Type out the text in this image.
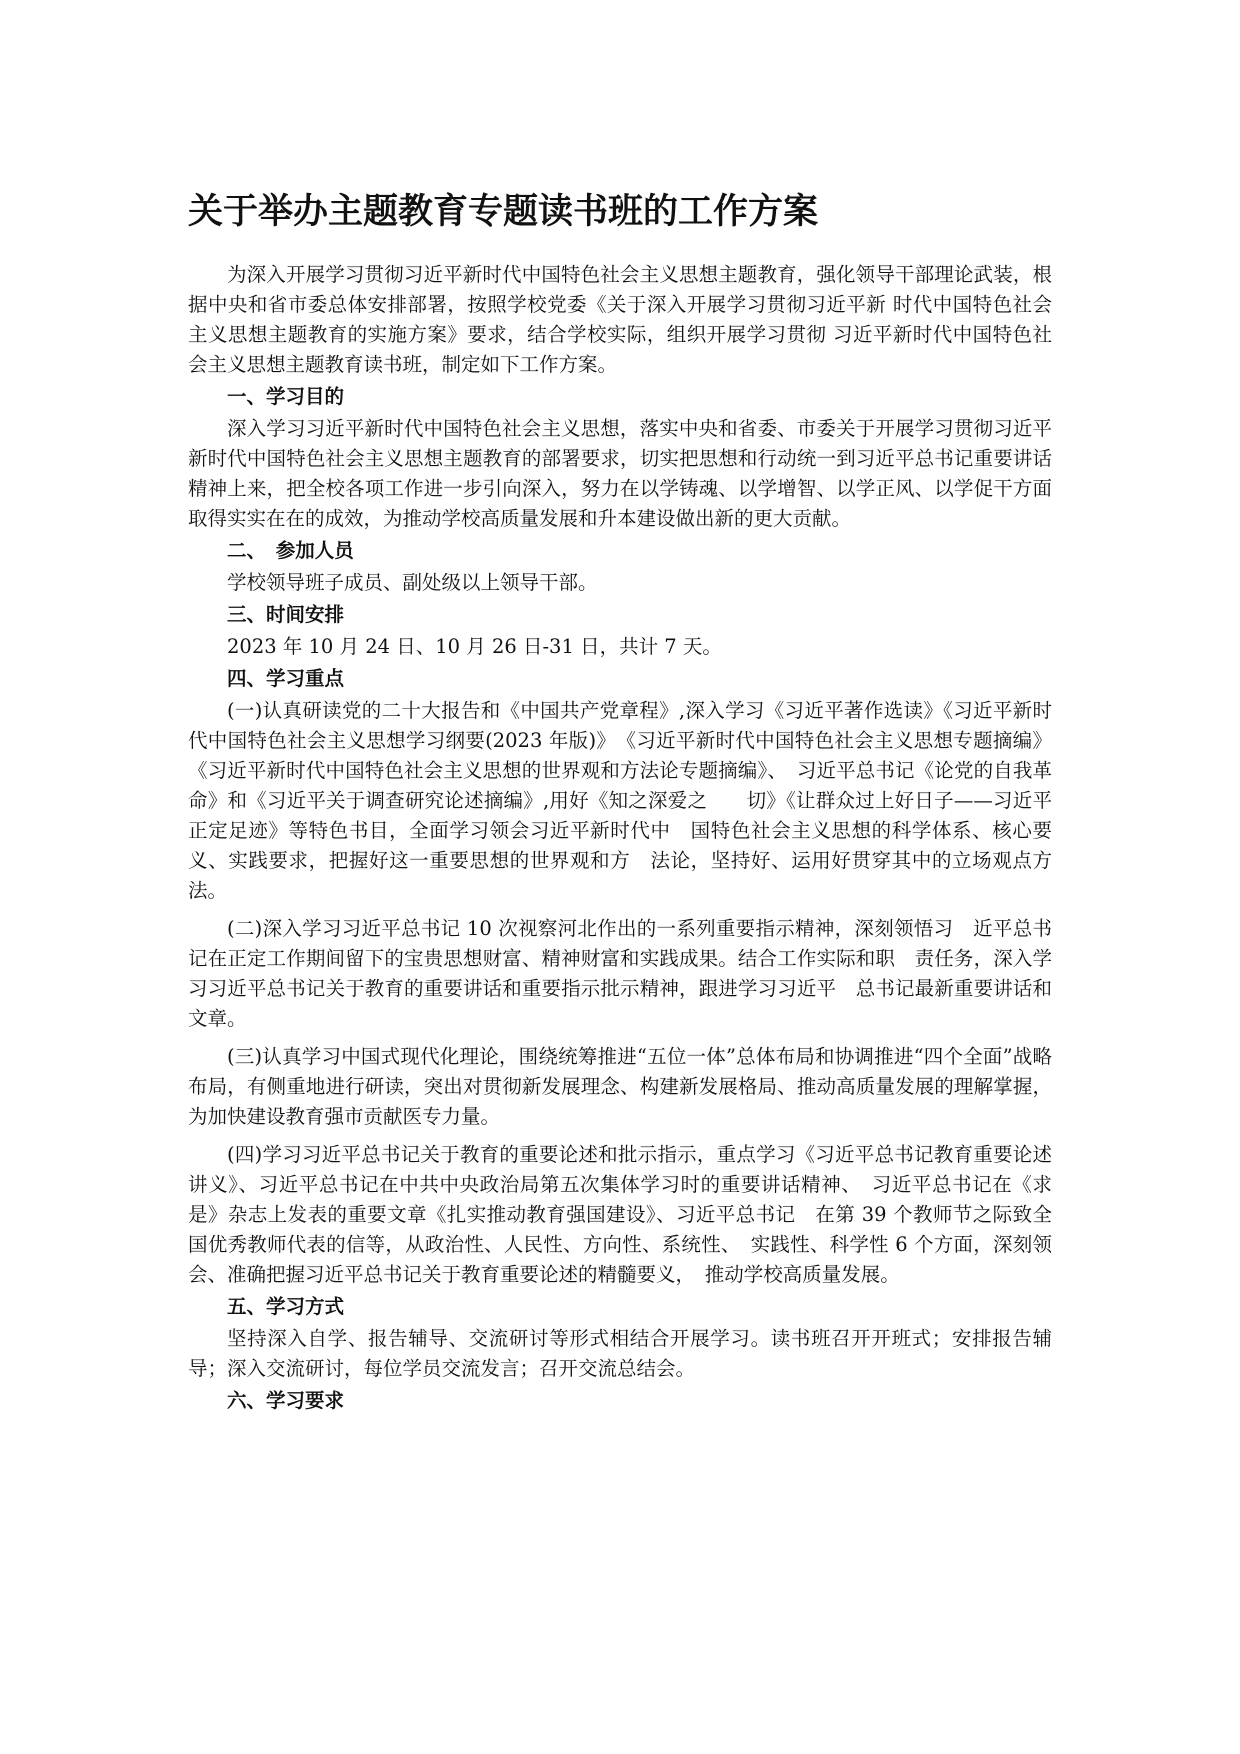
关于举办主题教育专题读书班的工作方案

为深入开展学习贯彻习近平新时代中国特色社会主义思想主题教育，强化领导干部理论武装，根据中央和省市委总体安排部署，按照学校党委《关于深入开展学习贯彻习近平新 时代中国特色社会主义思想主题教育的实施方案》要求，结合学校实际，组织开展学习贯彻 习近平新时代中国特色社会主义思想主题教育读书班，制定如下工作方案。

一、学习目的

深入学习习近平新时代中国特色社会主义思想，落实中央和省委、市委关于开展学习贯彻习近平新时代中国特色社会主义思想主题教育的部署要求，切实把思想和行动统一到习近平总书记重要讲话精神上来，把全校各项工作进一步引向深入，努力在以学铸魂、以学增智、以学正风、以学促干方面取得实实在在的成效，为推动学校高质量发展和升本建设做出新的更大贡献。

二、　参加人员

学校领导班子成员、副处级以上领导干部。

三、时间安排

2023 年 10 月 24 日、10 月 26 日-31 日，共计 7 天。

四、学习重点

(一)认真研读党的二十大报告和《中国共产党章程》,深入学习《习近平著作选读》《习近平新时代中国特色社会主义思想学习纲要(2023 年版)》　《习近平新时代中国特色社会主义思想专题摘编》《习近平新时代中国特色社会主义思想的世界观和方法论专题摘编》、　习近平总书记《论党的自我革命》和《习近平关于调查研究论述摘编》,用好《知之深爱之　　切》《让群众过上好日子——习近平正定足迹》等特色书目，全面学习领会习近平新时代中　国特色社会主义思想的科学体系、核心要义、实践要求，把握好这一重要思想的世界观和方　法论，坚持好、运用好贯穿其中的立场观点方法。

(二)深入学习习近平总书记 10 次视察河北作出的一系列重要指示精神，深刻领悟习　近平总书记在正定工作期间留下的宝贵思想财富、精神财富和实践成果。结合工作实际和职　责任务，深入学习习近平总书记关于教育的重要讲话和重要指示批示精神，跟进学习习近平　总书记最新重要讲话和文章。

(三)认真学习中国式现代化理论，围绕统筹推进“五位一体”总体布局和协调推进“四个全面”战略布局，有侧重地进行研读，突出对贯彻新发展理念、构建新发展格局、推动高质量发展的理解掌握，为加快建设教育强市贡献医专力量。

(四)学习习近平总书记关于教育的重要论述和批示指示，重点学习《习近平总书记教育重要论述讲义》、习近平总书记在中共中央政治局第五次集体学习时的重要讲话精神、　习近平总书记在《求是》杂志上发表的重要文章《扎实推动教育强国建设》、习近平总书记　在第 39 个教师节之际致全国优秀教师代表的信等，从政治性、人民性、方向性、系统性、　实践性、科学性 6 个方面，深刻领会、准确把握习近平总书记关于教育重要论述的精髓要义，　推动学校高质量发展。

五、学习方式

坚持深入自学、报告辅导、交流研讨等形式相结合开展学习。读书班召开开班式；安排报告辅导；深入交流研讨，每位学员交流发言；召开交流总结会。

六、学习要求
